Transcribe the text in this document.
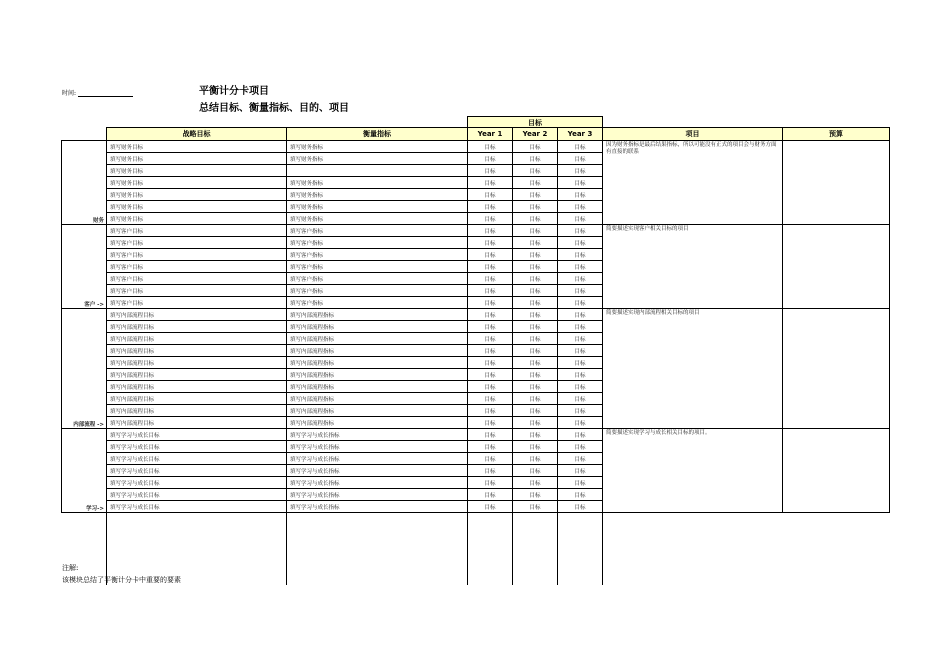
时间:	平衡计分卡项目
总结目标、衡量指标、目的、项目
目标
	战略目标	衡量指标	Year 1	Year 2	Year 3	项目	预算
财务	填写财务目标	填写财务指标	目标	目标	目标	因为财务指标是最后结果指标，所以可能没有正式的项目会与财务方面有直接的联系	
	填写财务目标	填写财务指标	目标	目标	目标		
	填写财务目标		目标	目标	目标		
	填写财务目标	填写财务指标	目标	目标	目标		
	填写财务目标	填写财务指标	目标	目标	目标		
	填写财务目标	填写财务指标	目标	目标	目标		
	填写财务目标	填写财务指标	目标	目标	目标		
客户 ->	填写客户目标	填写客户指标	目标	目标	目标	简要描述实现客户相关目标的项目	
	填写客户目标	填写客户指标	目标	目标	目标		
	填写客户目标	填写客户指标	目标	目标	目标		
	填写客户目标	填写客户指标	目标	目标	目标		
	填写客户目标	填写客户指标	目标	目标	目标		
	填写客户目标	填写客户指标	目标	目标	目标		
	填写客户目标	填写客户指标	目标	目标	目标		
内部流程 ->	填写内部流程目标	填写内部流程指标	目标	目标	目标	简要描述实现内部流程相关目标的项目	
	填写内部流程目标	填写内部流程指标	目标	目标	目标		
	填写内部流程目标	填写内部流程指标	目标	目标	目标		
	填写内部流程目标	填写内部流程指标	目标	目标	目标		
	填写内部流程目标	填写内部流程指标	目标	目标	目标		
	填写内部流程目标	填写内部流程指标	目标	目标	目标		
	填写内部流程目标	填写内部流程指标	目标	目标	目标		
	填写内部流程目标	填写内部流程指标	目标	目标	目标		
	填写内部流程目标	填写内部流程指标	目标	目标	目标		
	填写内部流程目标	填写内部流程指标	目标	目标	目标		
学习->	填写学习与成长目标	填写学习与成长指标	目标	目标	目标	简要描述实现学习与成长相关目标的项目。	
	填写学习与成长目标	填写学习与成长指标	目标	目标	目标		
	填写学习与成长目标	填写学习与成长指标	目标	目标	目标		
	填写学习与成长目标	填写学习与成长指标	目标	目标	目标		
	填写学习与成长目标	填写学习与成长指标	目标	目标	目标		
	填写学习与成长目标	填写学习与成长指标	目标	目标	目标		
	填写学习与成长目标	填写学习与成长指标	目标	目标	目标		

注解:
该模块总结了平衡计分卡中重要的要素
